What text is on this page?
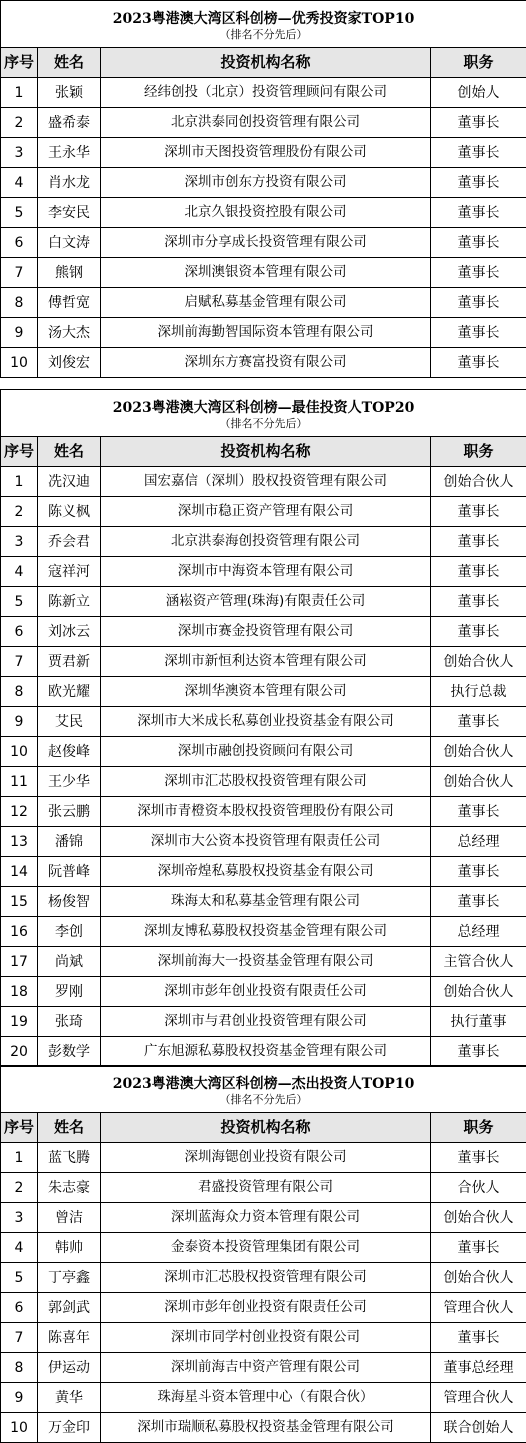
2023粤港澳大湾区科创榜—优秀投资家TOP10
（排名不分先后）			

序号	姓名	投资机构名称	职务
1	张颖	经纬创投（北京）投资管理顾问有限公司	创始人
2	盛希泰	北京洪泰同创投资管理有限公司	董事长
3	王永华	深圳市天图投资管理股份有限公司	董事长
4	肖水龙	深圳市创东方投资有限公司	董事长
5	李安民	北京久银投资控股有限公司	董事长
6	白文涛	深圳市分享成长投资管理有限公司	董事长
7	熊钢	深圳澳银资本管理有限公司	董事长
8	傅哲宽	启赋私募基金管理有限公司	董事长
9	汤大杰	深圳前海勤智国际资本管理有限公司	董事长
10	刘俊宏	深圳东方赛富投资有限公司	董事长
2023粤港澳大湾区科创榜—最佳投资人TOP20
（排名不分先后）			

序号	姓名	投资机构名称	职务
1	冼汉迪	国宏嘉信（深圳）股权投资管理有限公司	创始合伙人
2	陈义枫	深圳市稳正资产管理有限公司	董事长
3	乔会君	北京洪泰海创投资管理有限公司	董事长
4	寇祥河	深圳市中海资本管理有限公司	董事长
5	陈新立	涵崧资产管理(珠海)有限责任公司	董事长
6	刘冰云	深圳市赛金投资管理有限公司	董事长
7	贾君新	深圳市新恒利达资本管理有限公司	创始合伙人
8	欧光耀	深圳华澳资本管理有限公司	执行总裁
9	艾民	深圳市大米成长私募创业投资基金有限公司	董事长
10	赵俊峰	深圳市融创投资顾问有限公司	创始合伙人
11	王少华	深圳市汇芯股权投资管理有限公司	创始合伙人
12	张云鹏	深圳市青橙资本股权投资管理股份有限公司	董事长
13	潘锦	深圳市大公资本投资管理有限责任公司	总经理
14	阮普峰	深圳帝煌私募股权投资基金有限公司	董事长
15	杨俊智	珠海太和私募基金管理有限公司	董事长
16	李创	深圳友博私募股权投资基金管理有限公司	总经理
17	尚斌	深圳前海大一投资基金管理有限公司	主管合伙人
18	罗刚	深圳市彭年创业投资有限责任公司	创始合伙人
19	张琦	深圳市与君创业投资管理有限公司	执行董事
20	彭数学	广东旭源私募股权投资基金管理有限公司	董事长
2023粤港澳大湾区科创榜—杰出投资人TOP10
（排名不分先后）			

序号	姓名	投资机构名称	职务
1	蓝飞腾	深圳海锶创业投资有限公司	董事长
2	朱志豪	君盛投资管理有限公司	合伙人
3	曾洁	深圳蓝海众力资本管理有限公司	创始合伙人
4	韩帅	金泰资本投资管理集团有限公司	董事长
5	丁亭鑫	深圳市汇芯股权投资管理有限公司	创始合伙人
6	郭剑武	深圳市彭年创业投资有限责任公司	管理合伙人
7	陈喜年	深圳市同学村创业投资有限公司	董事长
8	伊运动	深圳前海吉中资产管理有限公司	董事总经理
9	黄华	珠海星斗资本管理中心（有限合伙）	管理合伙人
10	万金印	深圳市瑞顺私募股权投资基金管理有限公司	联合创始人
